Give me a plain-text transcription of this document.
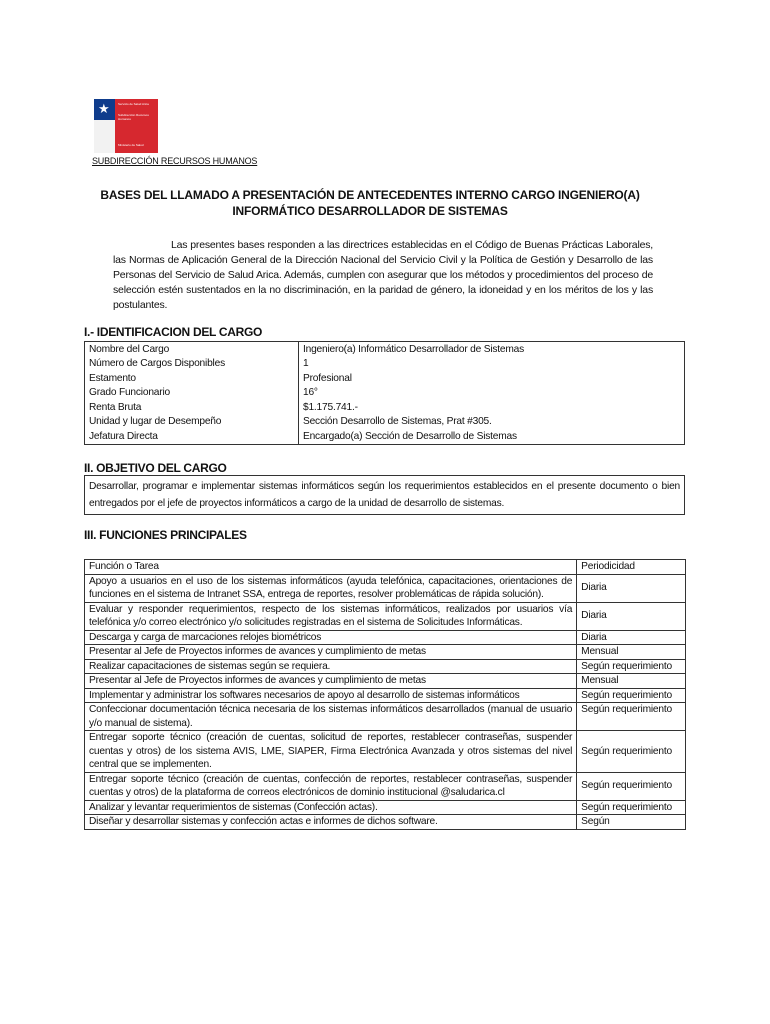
★	Servicio de Salud Arica
Subdirección Recursos Humanos
Ministerio de Salud
SUBDIRECCIÓN RECURSOS HUMANOS
BASES DEL LLAMADO A PRESENTACIÓN DE ANTECEDENTES INTERNO CARGO INGENIERO(A)
INFORMÁTICO DESARROLLADOR DE SISTEMAS
Las presentes bases responden a las directrices establecidas en el Código de Buenas Prácticas Laborales, las Normas de Aplicación General de la Dirección Nacional del Servicio Civil y la Política de Gestión y Desarrollo de las Personas del Servicio de Salud Arica. Además, cumplen con asegurar que los métodos y procedimientos del proceso de selección estén sustentados en la no discriminación, en la paridad de género, la idoneidad y en los méritos de los y las postulantes.
I.- IDENTIFICACION DEL CARGO
Nombre del Cargo	Ingeniero(a) Informático Desarrollador de Sistemas
Número de Cargos Disponibles	1
Estamento	Profesional
Grado Funcionario	16°
Renta Bruta	$1.175.741.-
Unidad y lugar de Desempeño	Sección Desarrollo de Sistemas, Prat #305.
Jefatura Directa	Encargado(a) Sección de Desarrollo de Sistemas
II. OBJETIVO DEL CARGO
Desarrollar, programar e implementar sistemas informáticos según los requerimientos establecidos en el presente documento o bien entregados por el jefe de proyectos informáticos a cargo de la unidad de desarrollo de sistemas.
III. FUNCIONES PRINCIPALES
Función o Tarea	Periodicidad
Apoyo a usuarios en el uso de los sistemas informáticos (ayuda telefónica, capacitaciones, orientaciones de funciones en el sistema de Intranet SSA, entrega de reportes, resolver problemáticas de rápida solución).	Diaria
Evaluar y responder requerimientos, respecto de los sistemas informáticos, realizados por usuarios vía telefónica y/o correo electrónico y/o solicitudes registradas en el sistema de Solicitudes Informáticas.	Diaria
Descarga y carga de marcaciones relojes biométricos	Diaria
Presentar al Jefe de Proyectos informes de avances y cumplimiento de metas	Mensual
Realizar capacitaciones de sistemas según se requiera.	Según requerimiento
Presentar al Jefe de Proyectos informes de avances y cumplimiento de metas	Mensual
Implementar y administrar los softwares necesarios de apoyo al desarrollo de sistemas informáticos	Según requerimiento
Confeccionar documentación técnica necesaria de los sistemas informáticos desarrollados (manual de usuario y/o manual de sistema).	Según requerimiento
Entregar soporte técnico (creación de cuentas, solicitud de reportes, restablecer contraseñas, suspender cuentas y otros) de los sistema AVIS, LME, SIAPER, Firma Electrónica Avanzada y otros sistemas del nivel central que se implementen.	Según requerimiento
Entregar soporte técnico (creación de cuentas, confección de reportes, restablecer contraseñas, suspender cuentas y otros) de la plataforma de correos electrónicos de dominio institucional @saludarica.cl	Según requerimiento
Analizar y levantar requerimientos de sistemas (Confección actas).	Según requerimiento
Diseñar y desarrollar sistemas y confección actas e informes de dichos software.	Según
